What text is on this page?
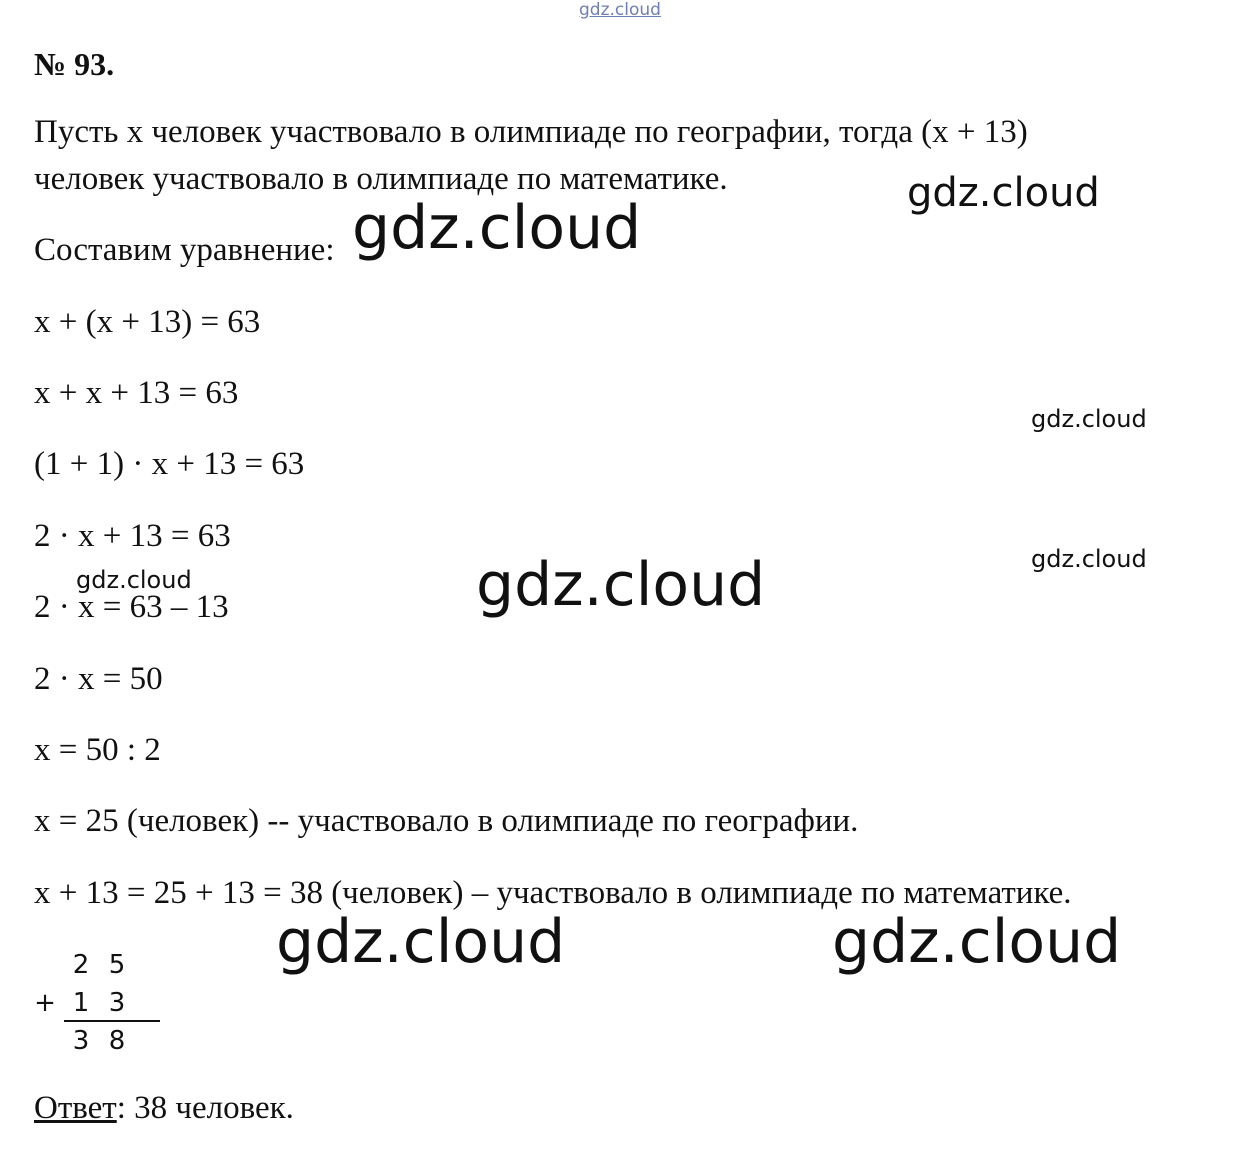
gdz.cloud
gdz.cloud
gdz.cloud
gdz.cloud
gdz.cloud
gdz.cloud	gdz.cloud
gdz.cloud	gdz.cloud
№ 93.
Пусть x человек участвовало в олимпиаде по географии, тогда (x + 13)
человек участвовало в олимпиаде по математике.
Составим уравнение:
x + (x + 13) = 63
x + x + 13 = 63
(1 + 1) · x + 13 = 63
2 · x + 13 = 63
2 · x = 63 – 13
2 · x = 50
x = 50 : 2
x = 25 (человек) -- участвовало в олимпиаде по географии.
x + 13 = 25 + 13 = 38 (человек) – участвовало в олимпиаде по математике.
2 5
+ 1 3
3 8
Ответ: 38 человек.
